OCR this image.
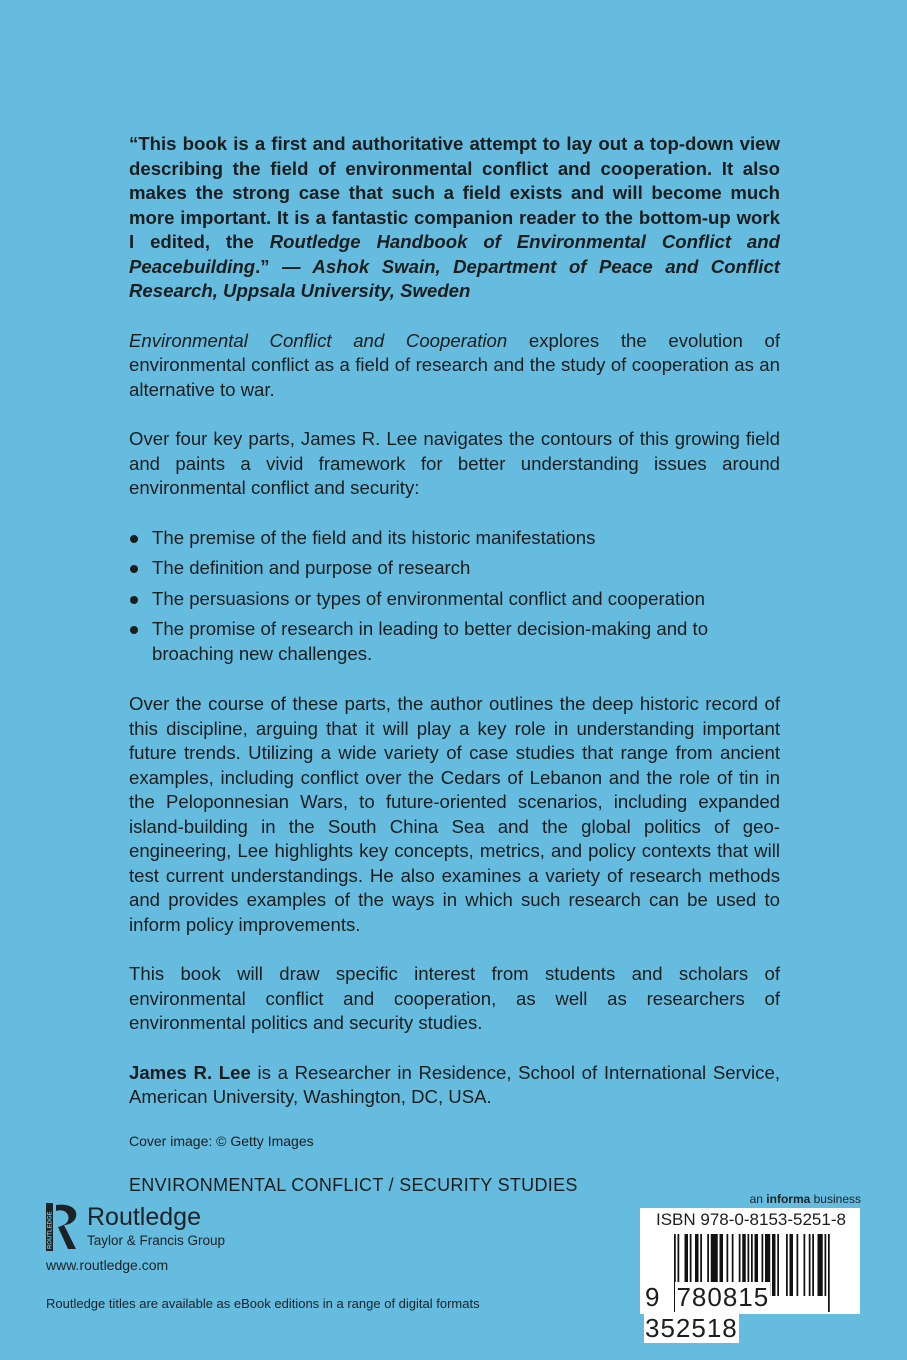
“This book is a first and authoritative attempt to lay out a top-down view describing the field of environmental conflict and cooperation. It also makes the strong case that such a field exists and will become much more important. It is a fantastic companion reader to the bottom-up work I edited, the Routledge Handbook of Environmental Conflict and Peacebuilding.” — Ashok Swain, Department of Peace and Conflict Research, Uppsala University, Sweden

Environmental Conflict and Cooperation explores the evolution of environmental conflict as a field of research and the study of cooperation as an alternative to war.

Over four key parts, James R. Lee navigates the contours of this growing field and paints a vivid framework for better understanding issues around environmental conflict and security:

The premise of the field and its historic manifestations
The definition and purpose of research
The persuasions or types of environmental conflict and cooperation
The promise of research in leading to better decision-making and to broaching new challenges.

Over the course of these parts, the author outlines the deep historic record of this discipline, arguing that it will play a key role in understanding important future trends. Utilizing a wide variety of case studies that range from ancient examples, including conflict over the Cedars of Lebanon and the role of tin in the Peloponnesian Wars, to future-oriented scenarios, including expanded island-building in the South China Sea and the global politics of geo-engineering, Lee highlights key concepts, metrics, and policy contexts that will test current understandings. He also examines a variety of research methods and provides examples of the ways in which such research can be used to inform policy improvements.

This book will draw specific interest from students and scholars of environmental conflict and cooperation, as well as researchers of environmental politics and security studies.

James R. Lee is a Researcher in Residence, School of International Service, American University, Washington, DC, USA.

Cover image: © Getty Images

ENVIRONMENTAL CONFLICT / SECURITY STUDIES

ROUTLEDGE Routledge
Taylor & Francis Group
www.routledge.com
Routledge titles are available as eBook editions in a range of digital formats
an informa business
ISBN 978-0-8153-5251-8
9 780815352518
